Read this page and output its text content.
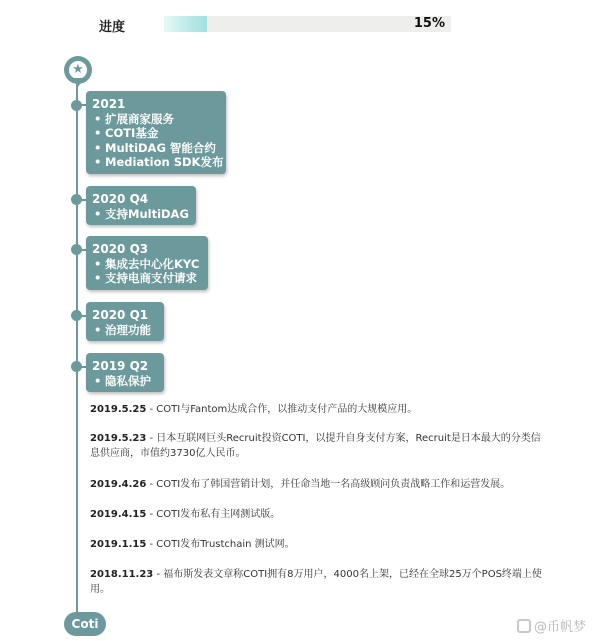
进度	15%
★
2021
• 扩展商家服务
• COTI基金
• MultiDAG 智能合约
• Mediation SDK发布
2020 Q4
• 支持MultiDAG
2020 Q3
• 集成去中心化KYC
• 支持电商支付请求
2020 Q1
• 治理功能
2019 Q2
• 隐私保护
2019.5.25 - COTI与Fantom达成合作，以推动支付产品的大规模应用。
2019.5.23 - 日本互联网巨头Recruit投资COTI，以提升自身支付方案，Recruit是日本最大的分类信息供应商，市值约3730亿人民币。
2019.4.26 - COTI发布了韩国营销计划，并任命当地一名高级顾问负责战略工作和运营发展。
2019.4.15 - COTI发布私有主网测试版。
2019.1.15 - COTI发布Trustchain 测试网。
2018.11.23 - 福布斯发表文章称COTI拥有8万用户，4000名上架，已经在全球25万个POS终端上使用。
Coti	@币帆梦
